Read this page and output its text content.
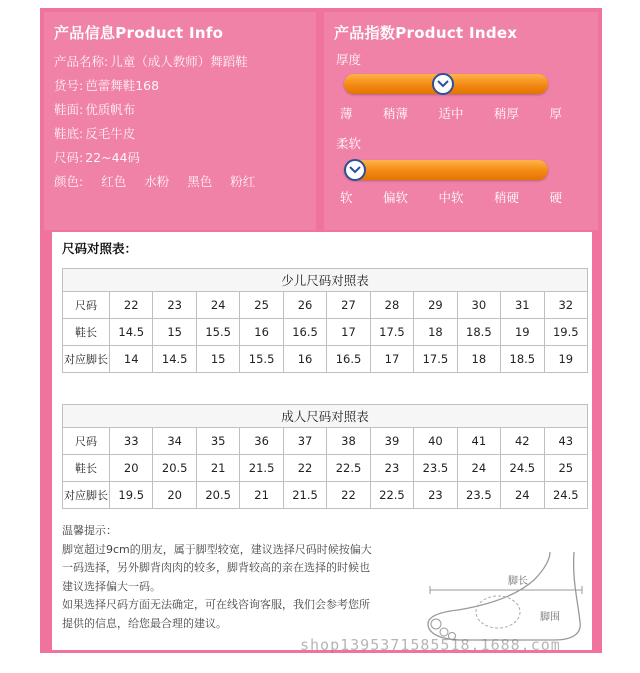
产品信息Product Info
产品名称: 儿童（成人教师）舞蹈鞋
货号: 芭蕾舞鞋168
鞋面: 优质帆布
鞋底: 反毛牛皮
尺码: 22~44码
颜色: 红色 水粉 黑色 粉红
产品指数Product Index
厚度
薄 稍薄 适中 稍厚 厚
柔软
软 偏软 中软 稍硬 硬
尺码对照表：
少儿尺码对照表											
尺码	22	23	24	25	26	27	28	29	30	31	32
鞋长	14.5	15	15.5	16	16.5	17	17.5	18	18.5	19	19.5
对应脚长	14	14.5	15	15.5	16	16.5	17	17.5	18	18.5	19
成人尺码对照表											
尺码	33	34	35	36	37	38	39	40	41	42	43
鞋长	20	20.5	21	21.5	22	22.5	23	23.5	24	24.5	25
对应脚长	19.5	20	20.5	21	21.5	22	22.5	23	23.5	24	24.5
温馨提示：
脚宽超过9cm的朋友，属于脚型较宽，建议选择尺码时候按偏大
一码选择，另外脚背肉肉的较多，脚背较高的亲在选择的时候也
建议选择偏大一码。
如果选择尺码方面无法确定，可在线咨询客服，我们会参考您所
提供的信息，给您最合理的建议。
脚长
脚围
shop1395371585518.1688.com
